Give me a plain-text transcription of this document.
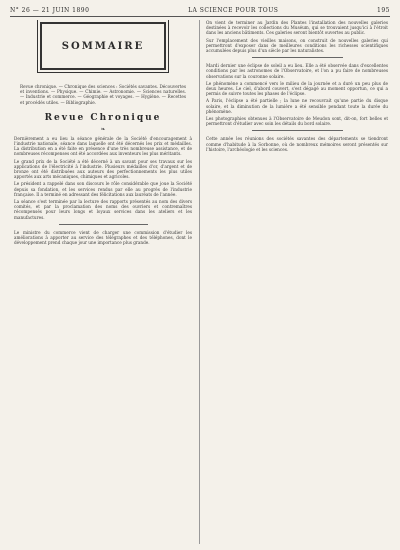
N° 26 — 21 JUIN 1890	LA SCIENCE POUR TOUS	195
SOMMAIRE

Revue chronique. — Chronique des sciences : Sociétés savantes. Découvertes et inventions. — Physique. — Chimie. — Astronomie. — Sciences naturelles. — Industrie et commerce. — Géographie et voyages. — Hygiène. — Recettes et procédés utiles. — Bibliographie.

Revue Chronique
❧

Dernièrement a eu lieu la séance générale de la Société d'encouragement à l'industrie nationale, séance dans laquelle ont été décernés les prix et médailles. La distribution en a été faite en présence d'une très nombreuse assistance, et de nombreuses récompenses ont été accordées aux inventeurs les plus méritants.

Le grand prix de la Société a été décerné à un savant pour ses travaux sur les applications de l'électricité à l'industrie. Plusieurs médailles d'or, d'argent et de bronze ont été distribuées aux auteurs des perfectionnements les plus utiles apportés aux arts mécaniques, chimiques et agricoles.

Le président a rappelé dans son discours le rôle considérable que joue la Société depuis sa fondation, et les services rendus par elle au progrès de l'industrie française. Il a terminé en adressant des félicitations aux lauréats de l'année.

La séance s'est terminée par la lecture des rapports présentés au nom des divers comités, et par la proclamation des noms des ouvriers et contremaîtres récompensés pour leurs longs et loyaux services dans les ateliers et les manufactures.

Le ministre du commerce vient de charger une commission d'étudier les améliorations à apporter au service des télégraphes et des téléphones, dont le développement prend chaque jour une importance plus grande.

On vient de terminer au Jardin des Plantes l'installation des nouvelles galeries destinées à recevoir les collections du Muséum, qui se trouvaient jusqu'ici à l'étroit dans les anciens bâtiments. Ces galeries seront bientôt ouvertes au public.

Sur l'emplacement des vieilles maisons, on construit de nouvelles galeries qui permettront d'exposer dans de meilleures conditions les richesses scientifiques accumulées depuis plus d'un siècle par les naturalistes.

Mardi dernier une éclipse de soleil a eu lieu. Elle a été observée dans d'excellentes conditions par les astronomes de l'Observatoire, et l'on a pu faire de nombreuses observations sur la couronne solaire.

Le phénomène a commencé vers le milieu de la journée et a duré un peu plus de deux heures. Le ciel, d'abord couvert, s'est dégagé au moment opportun, ce qui a permis de suivre toutes les phases de l'éclipse.

A Paris, l'éclipse a été partielle ; la lune ne recouvrait qu'une partie du disque solaire, et la diminution de la lumière a été sensible pendant toute la durée du phénomène.

Les photographies obtenues à l'Observatoire de Meudon sont, dit-on, fort belles et permettront d'étudier avec soin les détails du bord solaire.

Cette année les réunions des sociétés savantes des départements se tiendront comme d'habitude à la Sorbonne, où de nombreux mémoires seront présentés sur l'histoire, l'archéologie et les sciences.
